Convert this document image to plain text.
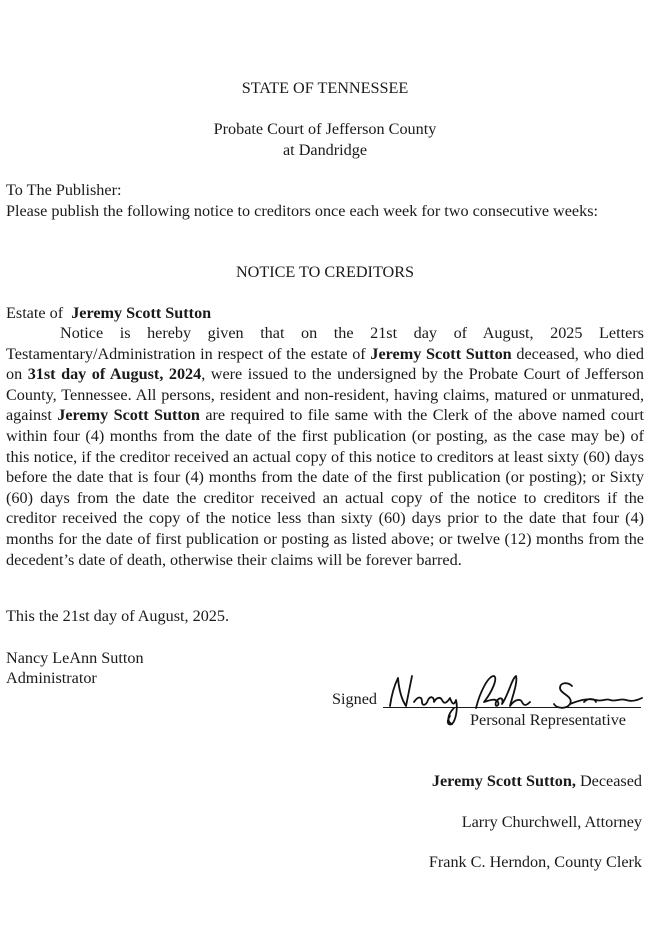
STATE OF TENNESSEE
Probate Court of Jefferson County
at Dandridge
To The Publisher:
Please publish the following notice to creditors once each week for two consecutive weeks:
NOTICE TO CREDITORS
Estate of Jeremy Scott Sutton

Notice is hereby given that on the 21st day of August, 2025 Letters Testamentary/Administration in respect of the estate of Jeremy Scott Sutton deceased, who died on 31st day of August, 2024, were issued to the undersigned by the Probate Court of Jefferson County, Tennessee. All persons, resident and non-resident, having claims, matured or unmatured, against Jeremy Scott Sutton are required to file same with the Clerk of the above named court within four (4) months from the date of the first publication (or posting, as the case may be) of this notice, if the creditor received an actual copy of this notice to creditors at least sixty (60) days before the date that is four (4) months from the date of the first publication (or posting); or Sixty (60) days from the date the creditor received an actual copy of the notice to creditors if the creditor received the copy of the notice less than sixty (60) days prior to the date that four (4) months for the date of first publication or posting as listed above; or twelve (12) months from the decedent’s date of death, otherwise their claims will be forever barred.

This the 21st day of August, 2025.
Nancy LeAnn Sutton
Administrator
Signed
Personal Representative
Jeremy Scott Sutton, Deceased
Larry Churchwell, Attorney
Frank C. Herndon, County Clerk
